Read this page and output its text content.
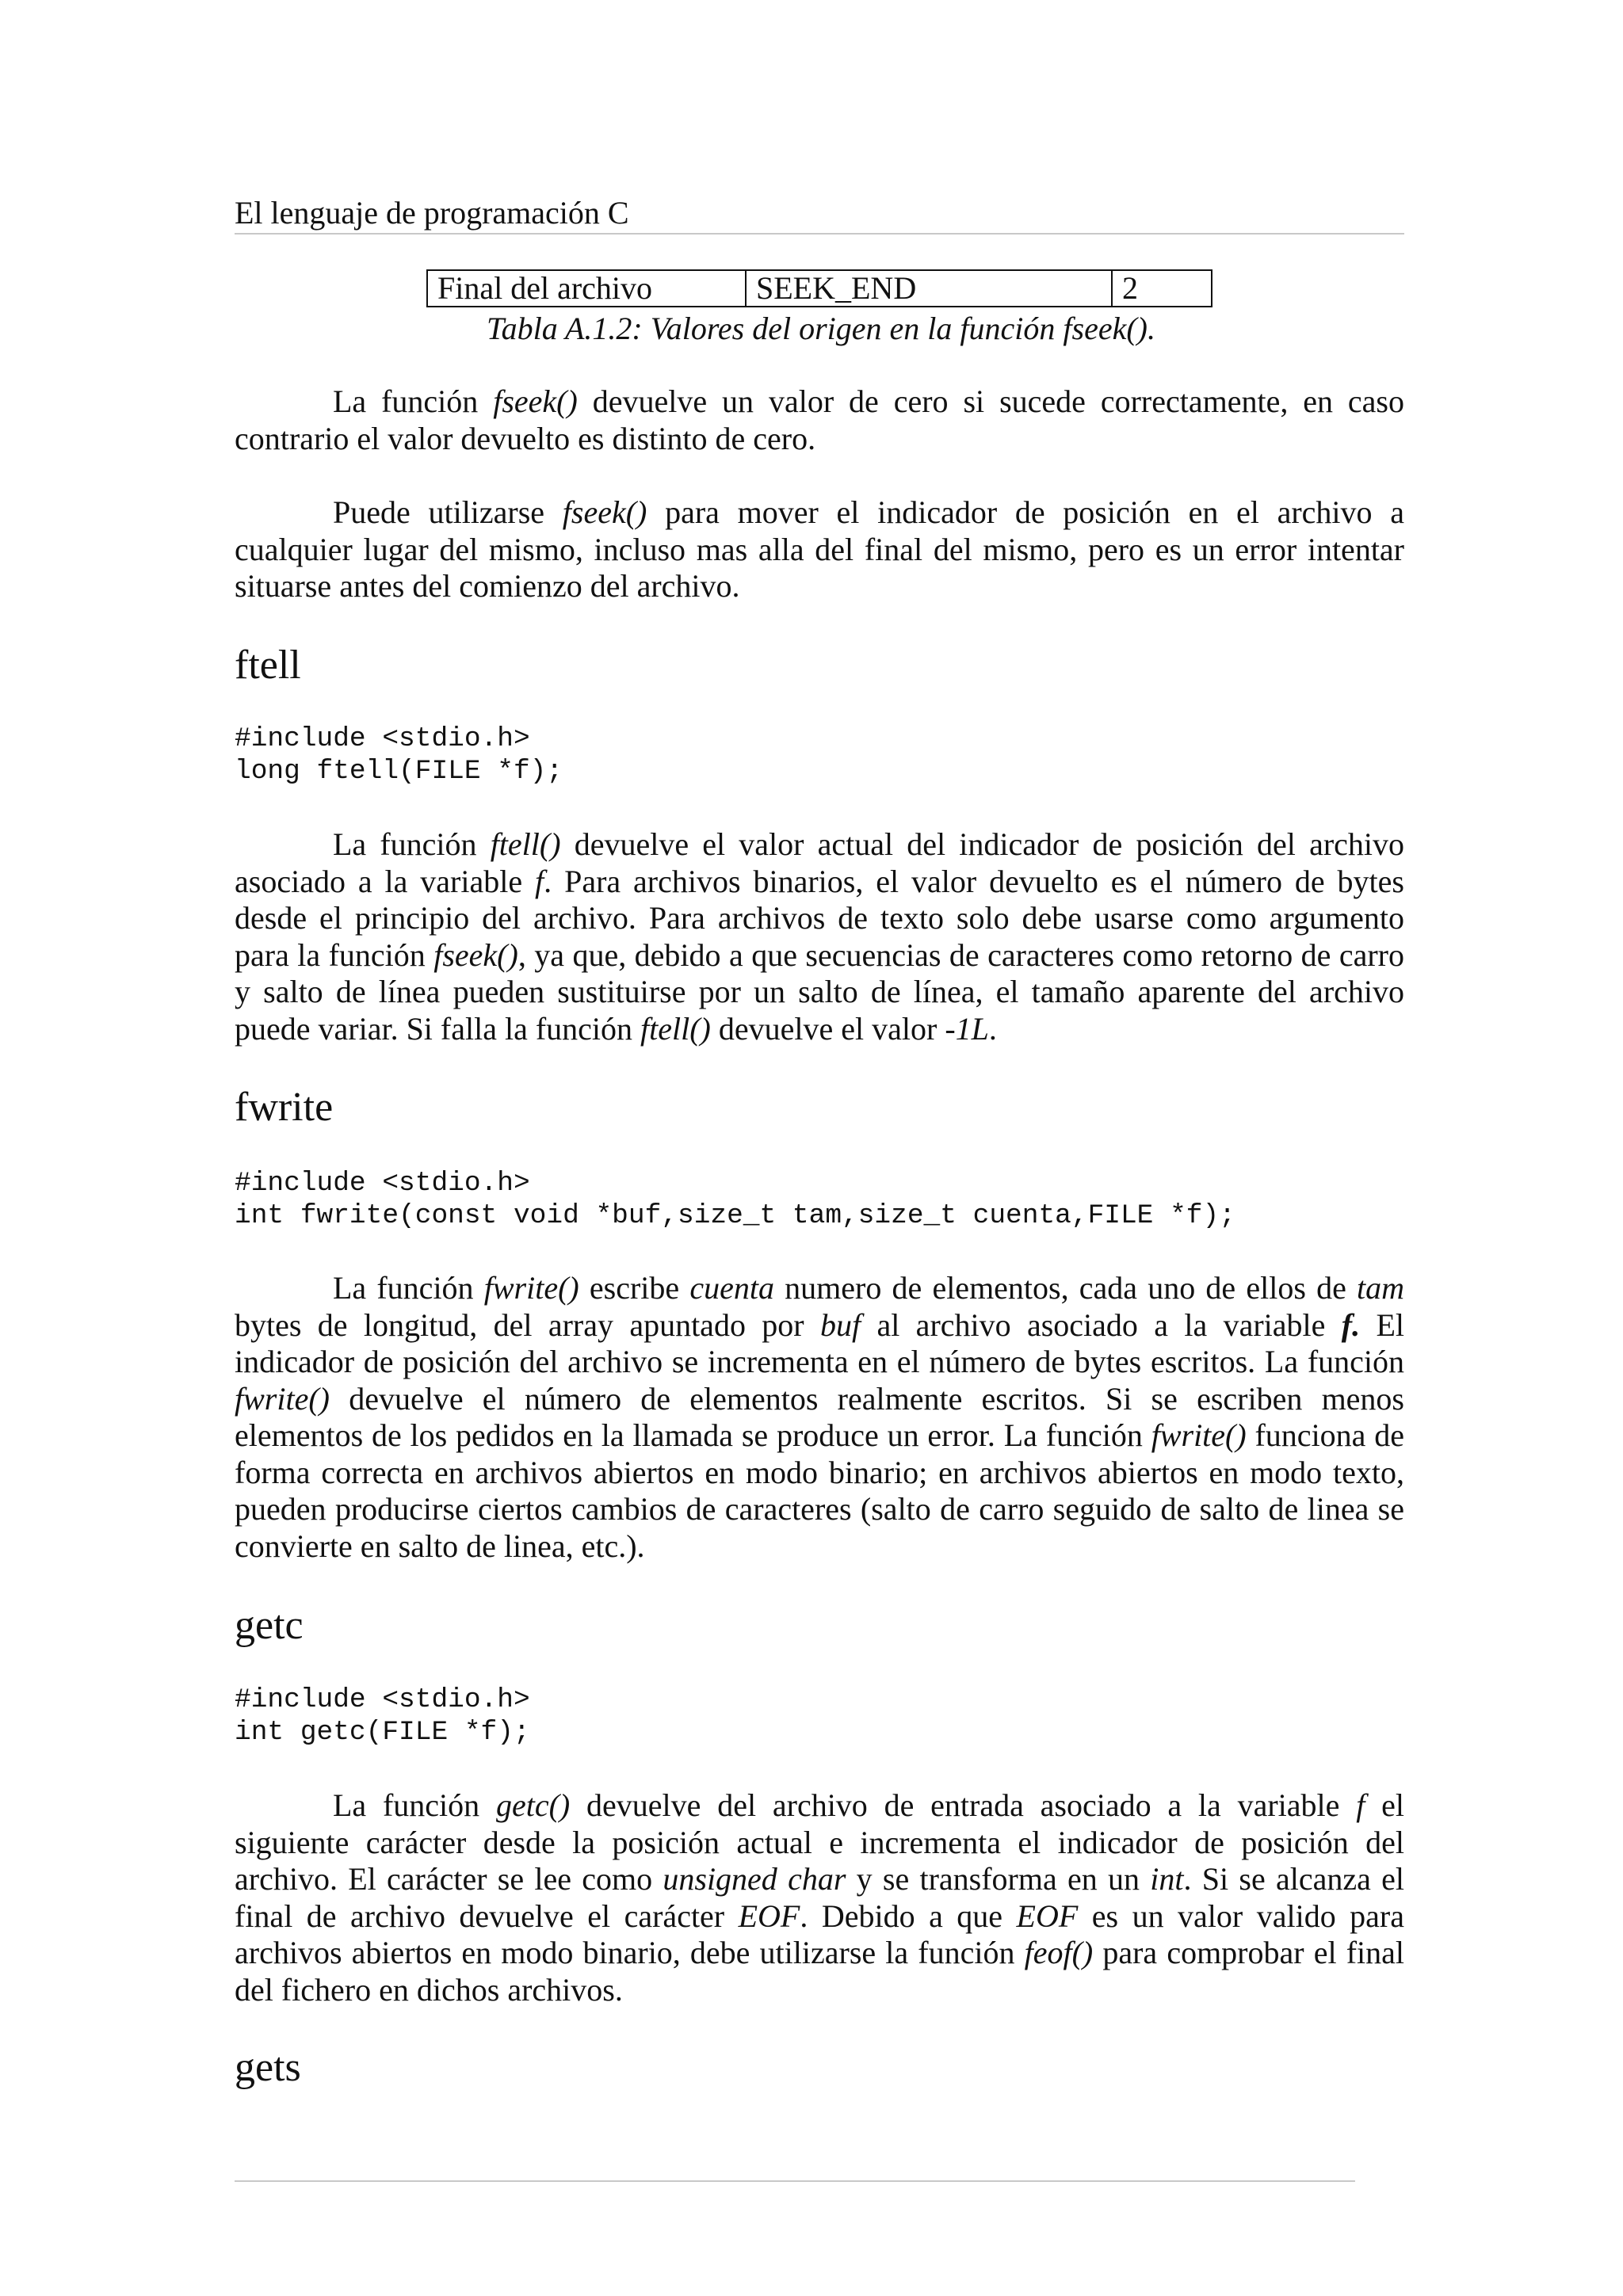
El lenguaje de programación C
Final del archivo	SEEK_END	2
Tabla A.1.2: Valores del origen en la función fseek().

La función fseek() devuelve un valor de cero si sucede correctamente, en caso contrario el valor devuelto es distinto de cero.

Puede utilizarse fseek() para mover el indicador de posición en el archivo a cualquier lugar del mismo, incluso mas alla del final del mismo, pero es un error intentar situarse antes del comienzo del archivo.

ftell
#include <stdio.h>
long ftell(FILE *f);

La función ftell() devuelve el valor actual del indicador de posición del archivo asociado a la variable f. Para archivos binarios, el valor devuelto es el número de bytes desde el principio del archivo. Para archivos de texto solo debe usarse como argumento para la función fseek(), ya que, debido a que secuencias de caracteres como retorno de carro y salto de línea pueden sustituirse por un salto de línea, el tamaño aparente del archivo puede variar. Si falla la función ftell() devuelve el valor -1L.

fwrite
#include <stdio.h>
int fwrite(const void *buf,size_t tam,size_t cuenta,FILE *f);

La función fwrite() escribe cuenta numero de elementos, cada uno de ellos de tam bytes de longitud, del array apuntado por buf al archivo asociado a la variable f. El indicador de posición del archivo se incrementa en el número de bytes escritos. La función fwrite() devuelve el número de elementos realmente escritos. Si se escriben menos elementos de los pedidos en la llamada se produce un error. La función fwrite() funciona de forma correcta en archivos abiertos en modo binario; en archivos abiertos en modo texto, pueden producirse ciertos cambios de caracteres (salto de carro seguido de salto de linea se convierte en salto de linea, etc.).

getc
#include <stdio.h>
int getc(FILE *f);

La función getc() devuelve del archivo de entrada asociado a la variable f el siguiente carácter desde la posición actual e incrementa el indicador de posición del archivo. El carácter se lee como unsigned char y se transforma en un int. Si se alcanza el final de archivo devuelve el carácter EOF. Debido a que EOF es un valor valido para archivos abiertos en modo binario, debe utilizarse la función feof() para comprobar el final del fichero en dichos archivos.

gets
